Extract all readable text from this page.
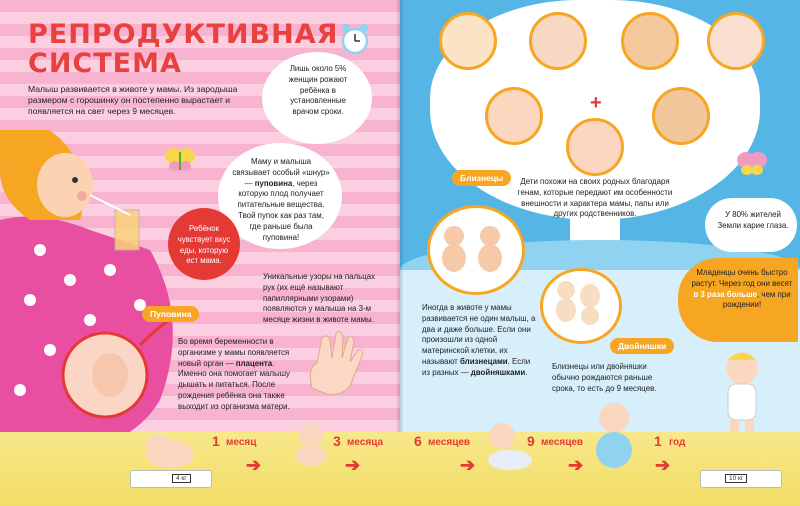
РЕПРОДУКТИВНАЯ
СИСТЕМА
Малыш развивается в животе у мамы. Из зародыша размером с горошинку он постепенно вырастает и появляется на свет через 9 месяцев.
Лишь около 5% женщин рожают ребёнка в установленные врачом сроки.
Маму и малыша связывает особый «шнур» — пуповина, через которую плод получает питательные вещества. Твой пупок как раз там, где раньше была пуповина!
Ребёнок чувствует вкус еды, которую ест мама.
Уникальные узоры на пальцах рук (их ещё называют папиллярными узорами) появляются у малыша на 3-м месяце жизни в животе мамы.
Пуповина
Во время беременности в организме у мамы появляется новый орган — плацента. Именно она помогает малышу дышать и питаться. После рождения ребёнка она также выходит из организма матери.
+
Дети похожи на своих родных благодаря генам, которые передают им особенности внешности и характера мамы, папы или других родственников.
Близнецы
Двойняшки
У 80% жителей Земли карие глаза.
Младенцы очень быстро растут. Через год они весят в 3 раза больше, чем при рождении!
Иногда в животе у мамы развивается не один малыш, а два и даже больше. Если они произошли из одной материнской клетки, их называют близнецами. Если из разных — двойняшками.
Близнецы или двойняшки обычно рождаются раньше срока, то есть до 9 месяцев.
1 месяц	3 месяца 6 месяцев	9 месяцев	1 год
➔	➔	➔	➔	➔
4 кг	10 кг
